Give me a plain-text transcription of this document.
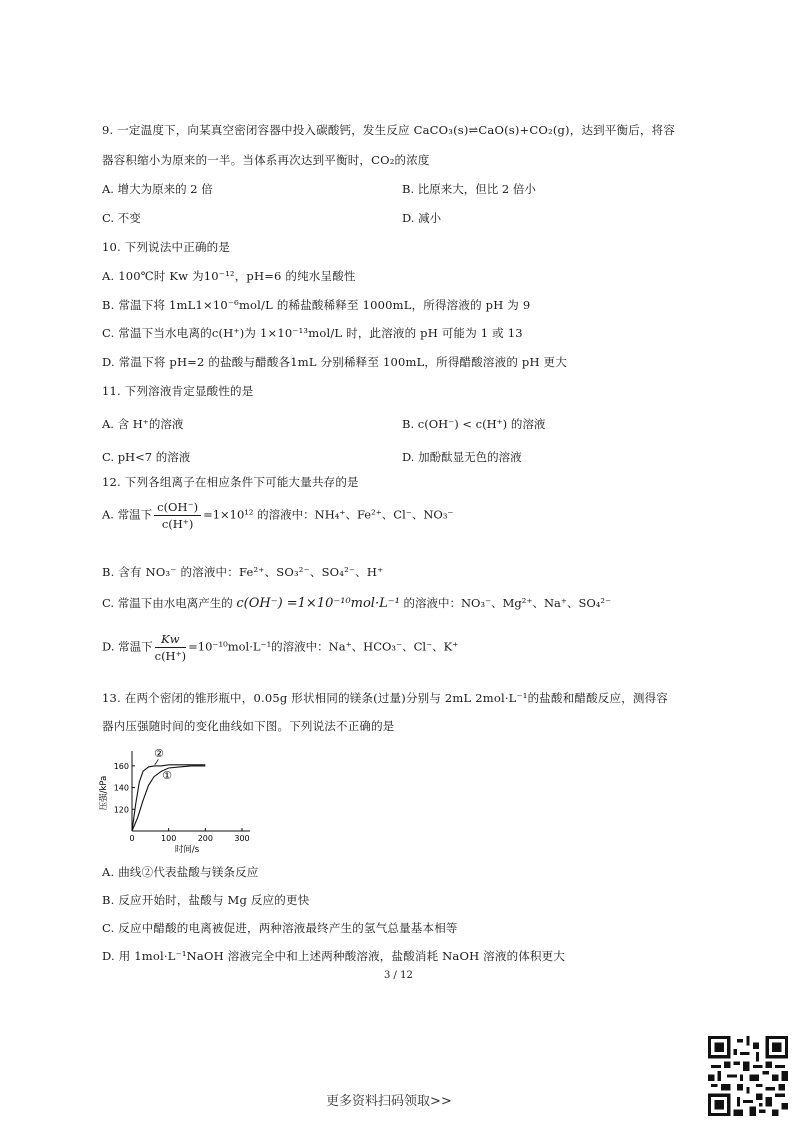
9. 一定温度下，向某真空密闭容器中投入碳酸钙，发生反应 CaCO₃(s)⇌CaO(s)+CO₂(g)，达到平衡后，将容
器容积缩小为原来的一半。当体系再次达到平衡时，CO₂的浓度
A. 增大为原来的 2 倍	B. 比原来大，但比 2 倍小
C. 不变	D. 减小
10. 下列说法中正确的是
A. 100℃时 Kw 为10⁻¹²，pH=6 的纯水呈酸性
B. 常温下将 1mL1×10⁻⁶mol/L 的稀盐酸稀释至 1000mL，所得溶液的 pH 为 9
C. 常温下当水电离的c(H⁺)为 1×10⁻¹³mol/L 时，此溶液的 pH 可能为 1 或 13
D. 常温下将 pH=2 的盐酸与醋酸各1mL 分别稀释至 100mL，所得醋酸溶液的 pH 更大
11. 下列溶液肯定显酸性的是
A. 含 H⁺的溶液	B. c(OH⁻) < c(H⁺) 的溶液
C. pH<7 的溶液	D. 加酚酞显无色的溶液
12. 下列各组离子在相应条件下可能大量共存的是
A. 常温下 $\frac{c(OH^-)}{c(H^+)} =1\times 10^{12}$ 的溶液中：NH₄⁺、Fe²⁺、Cl⁻、NO₃⁻
B. 含有 NO₃⁻ 的溶液中：Fe²⁺、SO₃²⁻、SO₄²⁻、H⁺
C. 常温下由水电离产生的 c(OH⁻) =1×10⁻¹⁰mol·L⁻¹ 的溶液中：NO₃⁻、Mg²⁺、Na⁺、SO₄²⁻
D. 常温下 $\frac{Kw}{c(H^+)} =10^{-10}mol\cdot L^{-1}$的溶液中：Na⁺、HCO₃⁻、Cl⁻、K⁺
13. 在两个密闭的锥形瓶中，0.05g 形状相同的镁条(过量)分别与 2mL 2mol·L⁻¹的盐酸和醋酸反应，测得容
器内压强随时间的变化曲线如下图。下列说法不正确的是
0	100	200	300
120
140
160
时间/s
压强/kPa
②
①
A. 曲线②代表盐酸与镁条反应
B. 反应开始时，盐酸与 Mg 反应的更快
C. 反应中醋酸的电离被促进，两种溶液最终产生的氢气总量基本相等
D. 用 1mol·L⁻¹NaOH 溶液完全中和上述两种酸溶液，盐酸消耗 NaOH 溶液的体积更大
3 / 12
更多资料扫码领取>>
